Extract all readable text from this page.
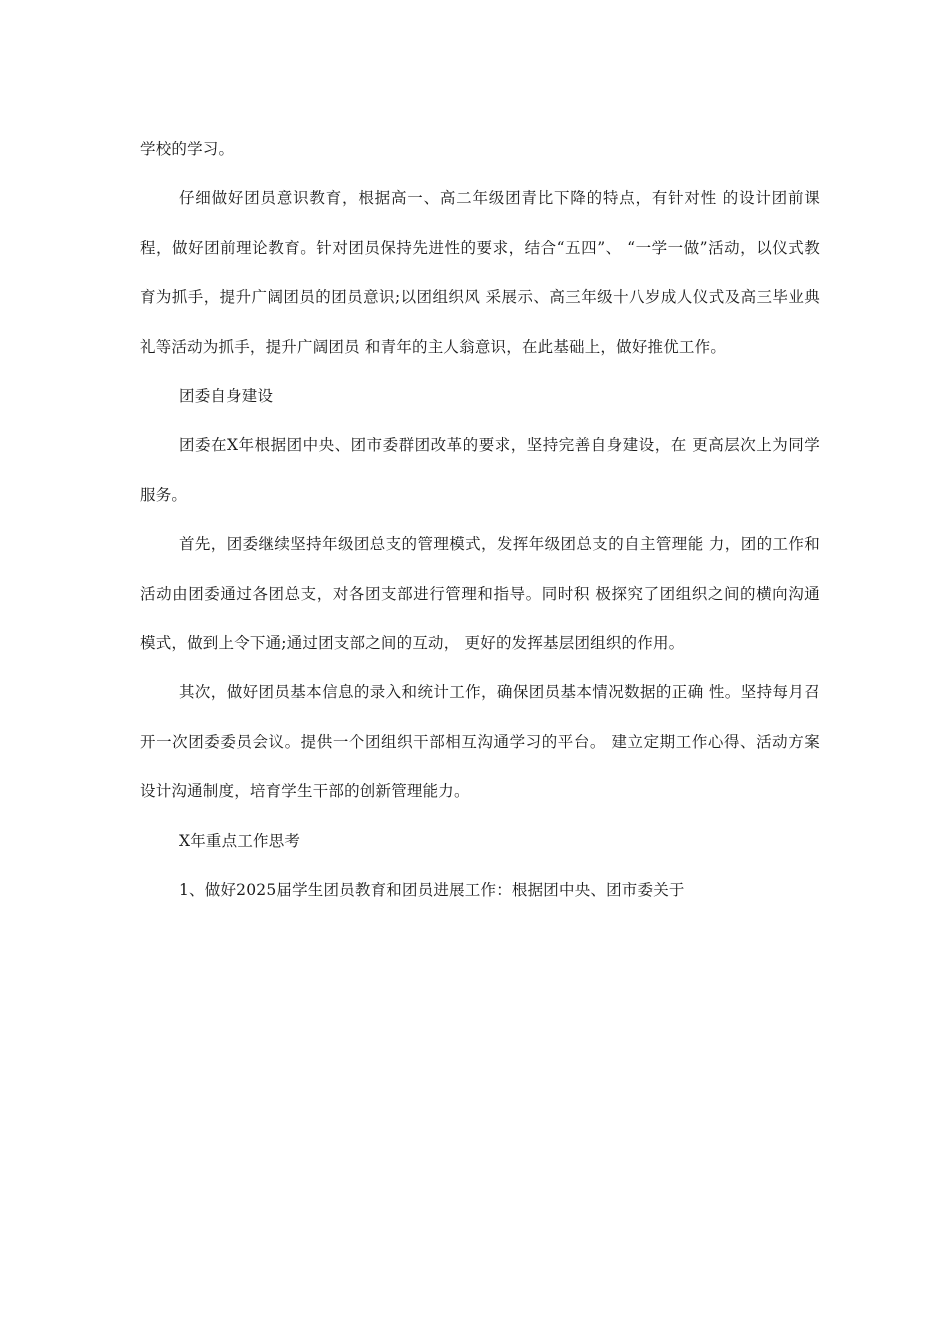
学校的学习。

仔细做好团员意识教育，根据高一、高二年级团青比下降的特点，有针对性 的设计团前课程，做好团前理论教育。针对团员保持先进性的要求，结合“五四”、 “一学一做”活动，以仪式教育为抓手，提升广阔团员的团员意识;以团组织风 采展示、高三年级十八岁成人仪式及高三毕业典礼等活动为抓手，提升广阔团员 和青年的主人翁意识，在此基础上，做好推优工作。

团委自身建设

团委在X年根据团中央、团市委群团改革的要求，坚持完善自身建设，在 更高层次上为同学服务。

首先，团委继续坚持年级团总支的管理模式，发挥年级团总支的自主管理能 力，团的工作和活动由团委通过各团总支，对各团支部进行管理和指导。同时积 极探究了团组织之间的横向沟通模式，做到上令下通;通过团支部之间的互动， 更好的发挥基层团组织的作用。

其次，做好团员基本信息的录入和统计工作，确保团员基本情况数据的正确 性。坚持每月召开一次团委委员会议。提供一个团组织干部相互沟通学习的平台。 建立定期工作心得、活动方案设计沟通制度，培育学生干部的创新管理能力。

X年重点工作思考

1、做好2025届学生团员教育和团员进展工作：根据团中央、团市委关于
